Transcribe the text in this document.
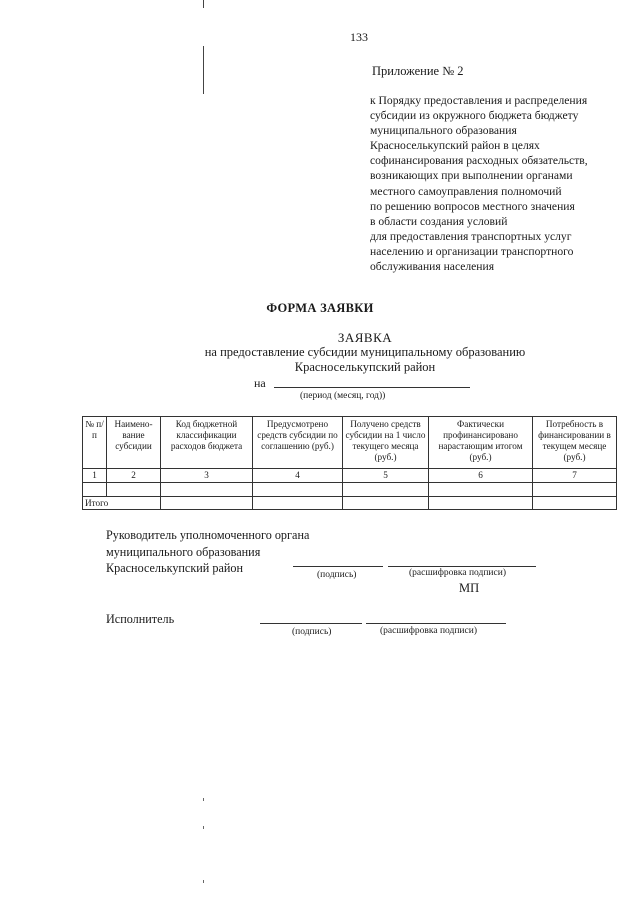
133
Приложение № 2
к Порядку предоставления и распределения
субсидии из окружного бюджета бюджету
муниципального образования
Красноселькупский район в целях
софинансирования расходных обязательств,
возникающих при выполнении органами
местного самоуправления полномочий
по решению вопросов местного значения
в области создания условий
для предоставления транспортных услуг
населению и организации транспортного
обслуживания населения
ФОРМА ЗАЯВКИ
ЗАЯВКА
на предоставление субсидии муниципальному образованию
Красноселькупский район
на
(период (месяц, год))
№ п/п	Наимено-вание субсидии	Код бюджетной классификации расходов бюджета	Предусмотрено средств субсидии по соглашению (руб.)	Получено средств субсидии на 1 число текущего месяца (руб.)	Фактически профинансировано нарастающим итогом (руб.)	Потребность в финансировании в текущем месяце (руб.)
1	2	3	4	5	6	7

Итого						
Руководитель уполномоченного органа
муниципального образования
Красноселькупский район	(подпись)	(расшифровка подписи)
МП
Исполнитель
(подпись)	(расшифровка подписи)
